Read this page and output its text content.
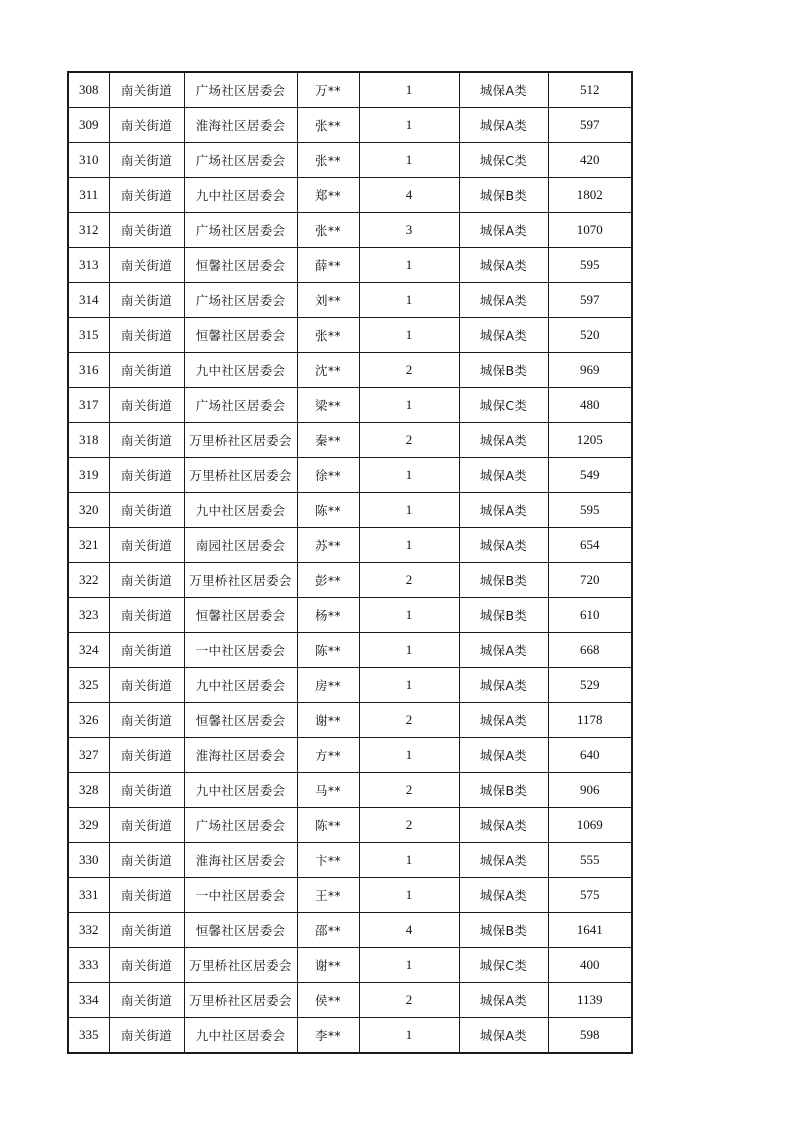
308	南关街道	广场社区居委会	万**	1	城保A类	512
309	南关街道	淮海社区居委会	张**	1	城保A类	597
310	南关街道	广场社区居委会	张**	1	城保C类	420
311	南关街道	九中社区居委会	郑**	4	城保B类	1802
312	南关街道	广场社区居委会	张**	3	城保A类	1070
313	南关街道	恒馨社区居委会	薛**	1	城保A类	595
314	南关街道	广场社区居委会	刘**	1	城保A类	597
315	南关街道	恒馨社区居委会	张**	1	城保A类	520
316	南关街道	九中社区居委会	沈**	2	城保B类	969
317	南关街道	广场社区居委会	梁**	1	城保C类	480
318	南关街道	万里桥社区居委会	秦**	2	城保A类	1205
319	南关街道	万里桥社区居委会	徐**	1	城保A类	549
320	南关街道	九中社区居委会	陈**	1	城保A类	595
321	南关街道	南园社区居委会	苏**	1	城保A类	654
322	南关街道	万里桥社区居委会	彭**	2	城保B类	720
323	南关街道	恒馨社区居委会	杨**	1	城保B类	610
324	南关街道	一中社区居委会	陈**	1	城保A类	668
325	南关街道	九中社区居委会	房**	1	城保A类	529
326	南关街道	恒馨社区居委会	谢**	2	城保A类	1178
327	南关街道	淮海社区居委会	方**	1	城保A类	640
328	南关街道	九中社区居委会	马**	2	城保B类	906
329	南关街道	广场社区居委会	陈**	2	城保A类	1069
330	南关街道	淮海社区居委会	卞**	1	城保A类	555
331	南关街道	一中社区居委会	王**	1	城保A类	575
332	南关街道	恒馨社区居委会	邵**	4	城保B类	1641
333	南关街道	万里桥社区居委会	谢**	1	城保C类	400
334	南关街道	万里桥社区居委会	侯**	2	城保A类	1139
335	南关街道	九中社区居委会	李**	1	城保A类	598
